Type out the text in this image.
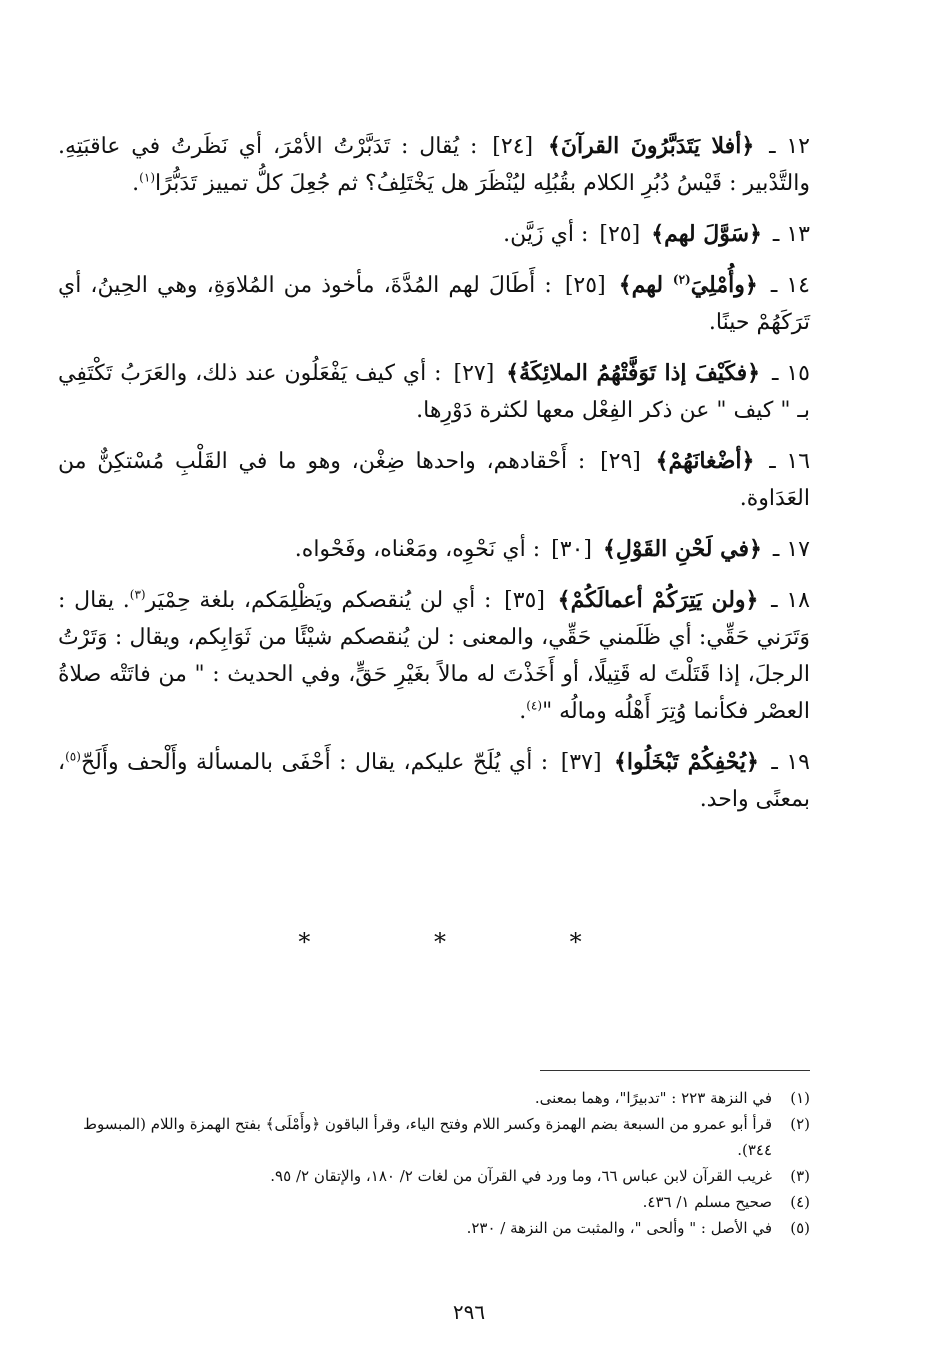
١٢ ـ ﴿أفلا يَتَدَبَّرُونَ القرآنَ﴾ [٢٤] : يُقال : تَدَبَّرْتُ الأمْرَ، أي نَظَرتُ في عاقبَتِهِ. والتَّدْبير : قَيْسُ دُبُرِ الكلام بقُبُلِه ليُنْظَرَ هل يَخْتَلِفُ؟ ثم جُعِلَ كلُّ تمييز تَدَبُّرًا$^{(١)}$.

١٣ ـ ﴿سَوَّلَ لهم﴾ [٢٥] : أي زَيَّن.

١٤ ـ ﴿وأُمْلِيَ$^{(٢)}$ لهم﴾ [٢٥] : أَطَالَ لهم المُدَّةَ، مأخوذ من المُلاوَةِ، وهي الحِينُ، أي تَرَكَهُمْ حينًا.

١٥ ـ ﴿فكَيْفَ إذا تَوَفَّتْهُمُ الملائِكَةُ﴾ [٢٧] : أي كيف يَفْعَلُون عند ذلك، والعَرَبُ تَكْتَفِي بـ " كيف " عن ذكر الفِعْل معها لكثرة دَوْرِها.

١٦ ـ ﴿أضْغانَهُمْ﴾ [٢٩] : أَحْقادهم، واحدها ضِغْن، وهو ما في القَلْبِ مُسْتكِنٌّ من العَدَاوة.

١٧ ـ ﴿في لَحْنِ القَوْلِ﴾ [٣٠] : أي نَحْوِه، ومَعْناه، وفَحْواه.

١٨ ـ ﴿ولن يَتِرَكُمْ أعمالَكُمْ﴾ [٣٥] : أي لن يُنقصكم ويَظْلِمَكم، بلغة حِمْيَر$^{(٣)}$. يقال : وَتَرَني حَقِّي: أي ظَلَمني حَقِّي، والمعنى : لن يُنقصكم شيْئًا من ثَوَابِكم، ويقال : وَتَرْتُ الرجلَ، إذا قَتَلْتَ له قَتِيلًا، أو أَخَذْتَ له مالاً بغَيْرِ حَقٍّ، وفي الحديث : " من فاتَتْه صلاةُ العصْر فكأنما وُتِرَ أَهْلُه ومالُه "$^{(٤)}$.

١٩ ـ ﴿يُحْفِكُمْ تَبْخَلُوا﴾ [٣٧] : أي يُلَحّ عليكم، يقال : أَحْفَى بالمسألة وأَلْحف وأَلَحّ$^{(٥)}$، بمعنًى واحد.

* * *
(١)
في النزهة ٢٢٣ : "تدبيرًا"، وهما بمعنى.
(٢)
قرأ أبو عمرو من السبعة بضم الهمزة وكسر اللام وفتح الياء، وقرأ الباقون ﴿وأَمْلَى﴾ بفتح الهمزة واللام (المبسوط ٣٤٤).
(٣)
غريب القرآن لابن عباس ٦٦، وما ورد في القرآن من لغات ٢/ ١٨٠، والإتقان ٢/ ٩٥.
(٤)
صحيح مسلم ١/ ٤٣٦.
(٥)
في الأصل : " وألحى "، والمثبت من النزهة / ٢٣٠.
٢٩٦
